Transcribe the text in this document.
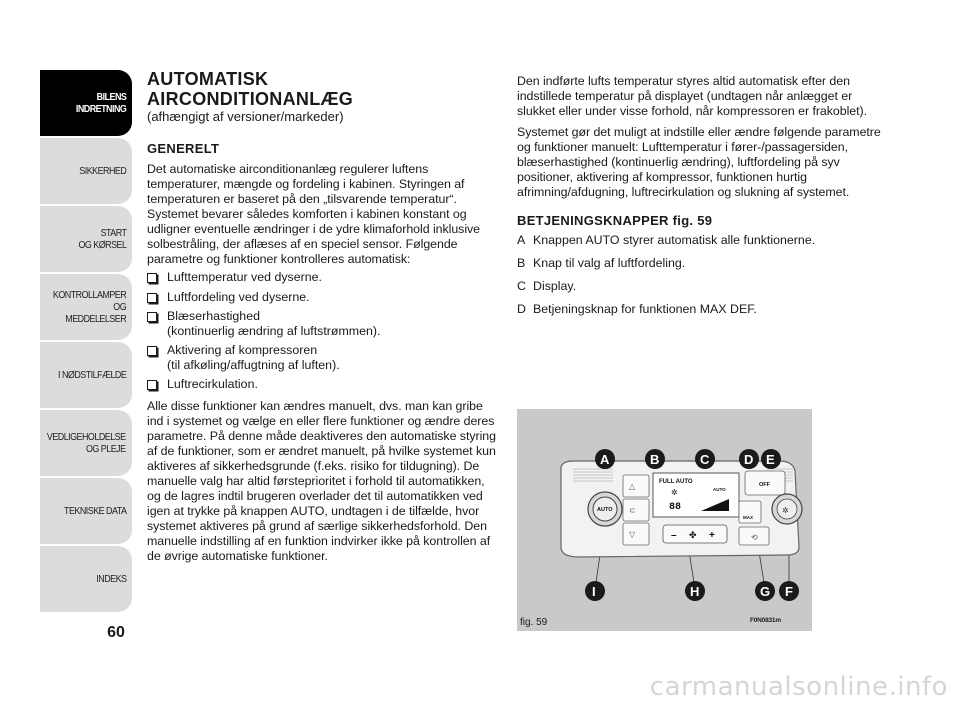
BILENS
INDRETNING
SIKKERHED
START
OG KØRSEL
KONTROLLAMPER
OG MEDDELELSER
I NØDSTILFÆLDE
VEDLIGEHOLDELSE
OG PLEJE
TEKNISKE DATA
INDEKS
60
AUTOMATISK
AIRCONDITIONANLÆG
(afhængigt af versioner/markeder)
GENERELT

Det automatiske airconditionanlæg regulerer luftens temperaturer, mængde og fordeling i kabinen. Styringen af temperaturen er baseret på den „tilsvarende temperatur“. Systemet bevarer således komforten i kabinen konstant og udligner eventuelle ændringer i de ydre klimaforhold inklusive solbestråling, der aflæses af en speciel sensor. Følgende parametre og funktioner kontrolleres automatisk:

Lufttemperatur ved dyserne.
Luftfordeling ved dyserne.
Blæserhastighed
(kontinuerlig ændring af luftstrømmen).
Aktivering af kompressoren
(til afkøling/affugtning af luften).
Luftrecirkulation.

Alle disse funktioner kan ændres manuelt, dvs. man kan gribe ind i systemet og vælge en eller flere funktioner og ændre deres parametre. På denne måde deaktiveres den automatiske styring af de funktioner, som er ændret manuelt, på hvilke systemet kun aktiveres af sikkerhedsgrunde (f.eks. risiko for tildugning). De manuelle valg har altid førsteprioritet i forhold til automatikken, og de lagres indtil brugeren overlader det til automatikken ved igen at trykke på knappen AUTO, undtagen i de tilfælde, hvor systemet aktiveres på grund af særlige sikkerhedsforhold. Den manuelle indstilling af en funktion indvirker ikke på kontrollen af de øvrige automatiske funktioner.

Den indførte lufts temperatur styres altid automatisk efter den indstillede temperatur på displayet (undtagen når anlægget er slukket eller under visse forhold, når kompressoren er frakoblet).

Systemet gør det muligt at indstille eller ændre følgende parametre og funktioner manuelt: Lufttemperatur i fører-/passagersiden, blæserhastighed (kontinuerlig ændring), luftfordeling på syv positioner, aktivering af kompressor, funktionen hurtig afrimning/afdugning, luftrecirkulation og slukning af systemet.

BETJENINGSKNAPPER fig. 59
A Knappen AUTO styrer automatisk alle funktionerne.
B Knap til valg af luftfordeling.
C Display.
D Betjeningsknap for funktionen MAX DEF.
FULL AUTO
AUTO
88
✲
OFF
AUTO
△
⊂
▽	– ✤ +
MAX
⟲
✲
A	B	C	D E
I	H	G F
fig. 59	F0N0831m
carmanualsonline.info
